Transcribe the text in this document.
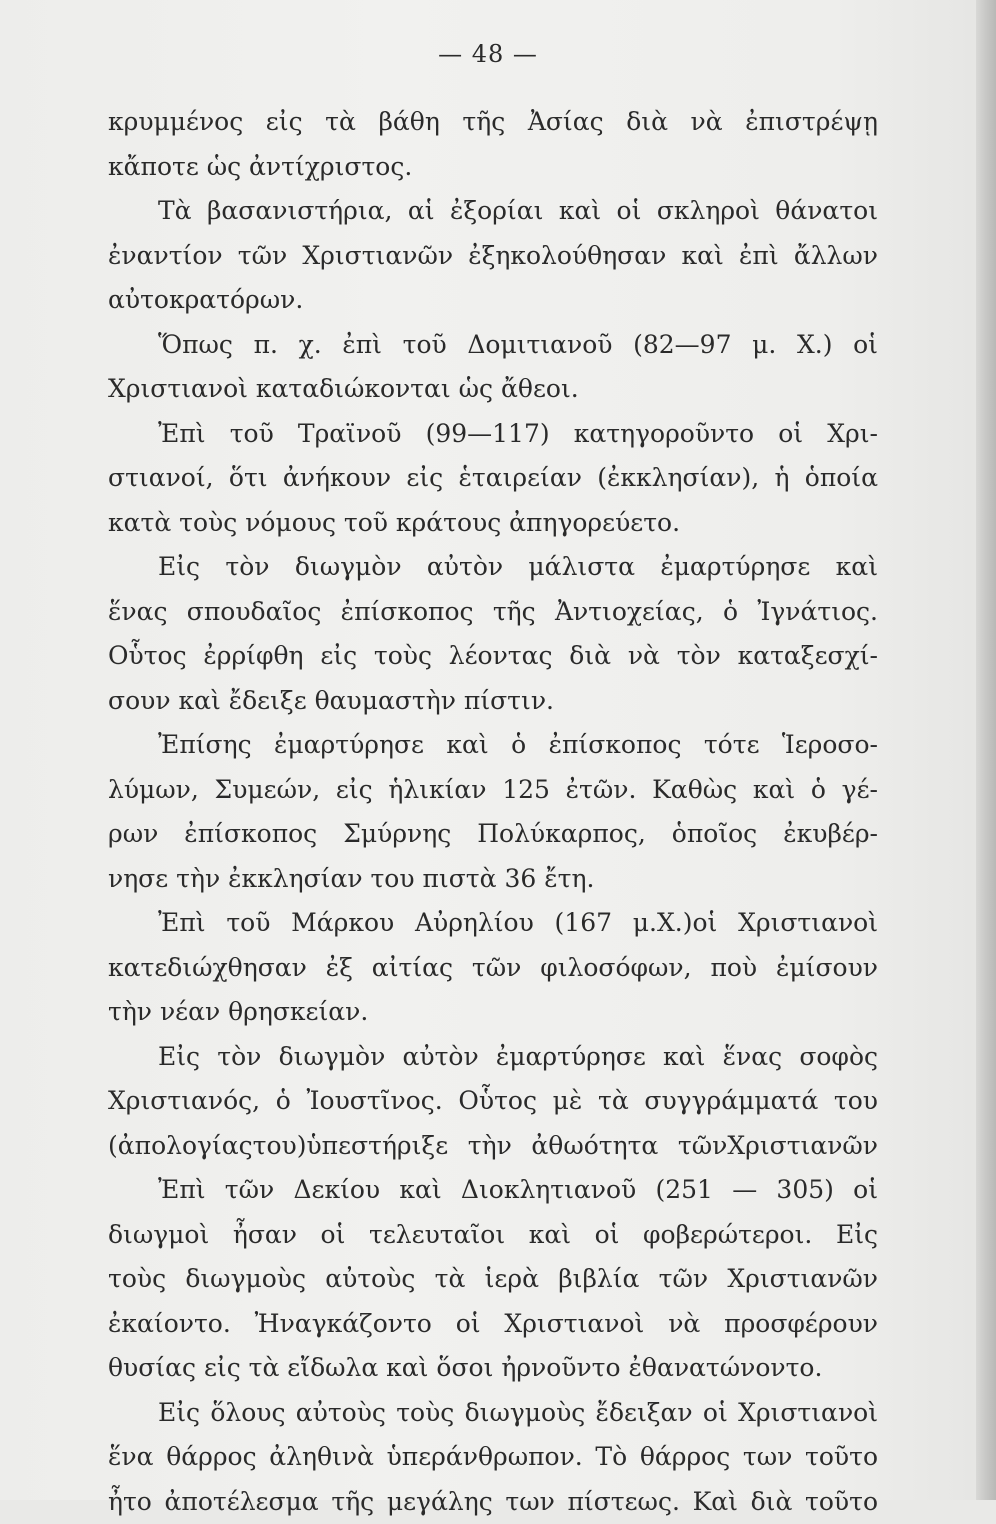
— 48 —
κρυμμένος εἰς τὰ βάθη τῆς Ἀσίας διὰ νὰ ἐπιστρέψῃ
κἄποτε ὡς ἀντίχριστος.
Τὰ βασανιστήρια, αἱ ἐξορίαι καὶ οἱ σκληροὶ θάνατοι
ἐναντίον τῶν Χριστιανῶν ἐξηκολούθησαν καὶ ἐπὶ ἄλλων
αὐτοκρατόρων.
Ὅπως π. χ. ἐπὶ τοῦ Δομιτιανοῦ (82—97 μ. Χ.) οἱ
Χριστιανοὶ καταδιώκονται ὡς ἄθεοι.
Ἐπὶ τοῦ Τραϊνοῦ (99—117) κατηγοροῦντο οἱ Χρι-
στιανοί, ὅτι ἀνήκουν εἰς ἑταιρείαν (ἐκκλησίαν), ἡ ὁποία
κατὰ τοὺς νόμους τοῦ κράτους ἀπηγορεύετο.
Εἰς τὸν διωγμὸν αὐτὸν μάλιστα ἐμαρτύρησε καὶ
ἕνας σπουδαῖος ἐπίσκοπος τῆς Ἀντιοχείας, ὁ Ἰγνάτιος.
Οὗτος ἐρρίφθη εἰς τοὺς λέοντας διὰ νὰ τὸν καταξεσχί-
σουν καὶ ἔδειξε θαυμαστὴν πίστιν.
Ἐπίσης ἐμαρτύρησε καὶ ὁ ἐπίσκοπος τότε Ἱεροσο-
λύμων, Συμεών, εἰς ἡλικίαν 125 ἐτῶν. Καθὼς καὶ ὁ γέ-
ρων ἐπίσκοπος Σμύρνης Πολύκαρπος, ὁποῖος ἐκυβέρ-
νησε τὴν ἐκκλησίαν του πιστὰ 36 ἔτη.
Ἐπὶ τοῦ Μάρκου Αὐρηλίου (167 μ.Χ.)οἱ Χριστιανοὶ
κατεδιώχθησαν ἐξ αἰτίας τῶν φιλοσόφων, ποὺ ἐμίσουν
τὴν νέαν θρησκείαν.
Εἰς τὸν διωγμὸν αὐτὸν ἐμαρτύρησε καὶ ἕνας σοφὸς
Χριστιανός, ὁ Ἰουστῖνος. Οὗτος μὲ τὰ συγγράμματά του
(ἀπολογίαςτου)ὑπεστήριξε τὴν ἀθωότητα τῶνΧριστιανῶν
Ἐπὶ τῶν Δεκίου καὶ Διοκλητιανοῦ (251 — 305) οἱ
διωγμοὶ ἦσαν οἱ τελευταῖοι καὶ οἱ φοβερώτεροι. Εἰς
τοὺς διωγμοὺς αὐτοὺς τὰ ἱερὰ βιβλία τῶν Χριστιανῶν
ἐκαίοντο. Ἠναγκάζοντο οἱ Χριστιανοὶ νὰ προσφέρουν
θυσίας εἰς τὰ εἴδωλα καὶ ὅσοι ἠρνοῦντο ἐθανατώνοντο.
Εἰς ὅλους αὐτοὺς τοὺς διωγμοὺς ἔδειξαν οἱ Χριστιανοὶ
ἕνα θάρρος ἀληθινὰ ὑπεράνθρωπον. Τὸ θάρρος των τοῦτο
ἦτο ἀποτέλεσμα τῆς μεγάλης των πίστεως. Καὶ διὰ τοῦτο
